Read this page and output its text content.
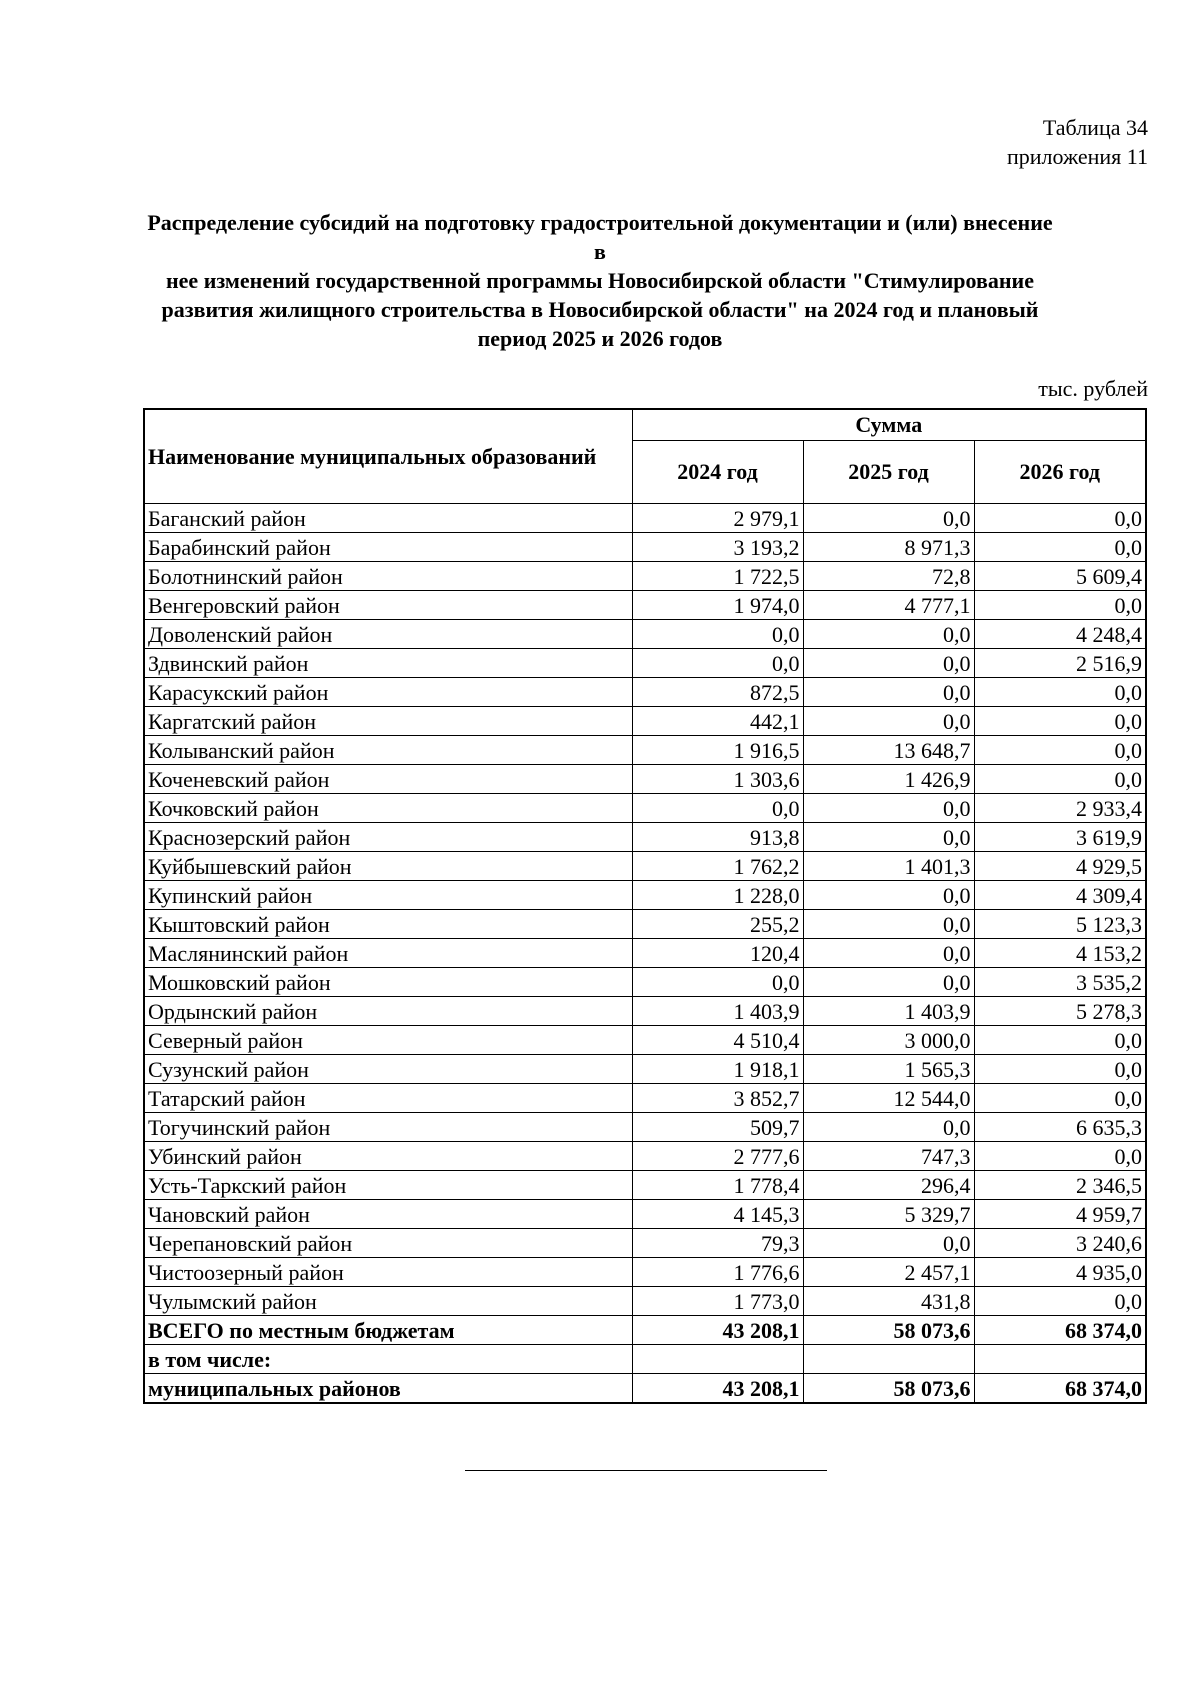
Таблица 34
приложения 11
Распределение субсидий на подготовку градостроительной документации и (или) внесение в
нее изменений государственной программы Новосибирской области "Стимулирование
развития жилищного строительства в Новосибирской области" на 2024 год и плановый
период 2025 и 2026 годов
тыс. рублей
Наименование муниципальных образований	Сумма		
	2024 год	2025 год	2026 год
Баганский район	2 979,1	0,0	0,0
Барабинский район	3 193,2	8 971,3	0,0
Болотнинский район	1 722,5	72,8	5 609,4
Венгеровский район	1 974,0	4 777,1	0,0
Доволенский район	0,0	0,0	4 248,4
Здвинский район	0,0	0,0	2 516,9
Карасукский район	872,5	0,0	0,0
Каргатский район	442,1	0,0	0,0
Колыванский район	1 916,5	13 648,7	0,0
Коченевский район	1 303,6	1 426,9	0,0
Кочковский район	0,0	0,0	2 933,4
Краснозерский район	913,8	0,0	3 619,9
Куйбышевский район	1 762,2	1 401,3	4 929,5
Купинский район	1 228,0	0,0	4 309,4
Кыштовский район	255,2	0,0	5 123,3
Маслянинский район	120,4	0,0	4 153,2
Мошковский район	0,0	0,0	3 535,2
Ордынский район	1 403,9	1 403,9	5 278,3
Северный район	4 510,4	3 000,0	0,0
Сузунский район	1 918,1	1 565,3	0,0
Татарский район	3 852,7	12 544,0	0,0
Тогучинский район	509,7	0,0	6 635,3
Убинский район	2 777,6	747,3	0,0
Усть-Таркский район	1 778,4	296,4	2 346,5
Чановский район	4 145,3	5 329,7	4 959,7
Черепановский район	79,3	0,0	3 240,6
Чистоозерный район	1 776,6	2 457,1	4 935,0
Чулымский район	1 773,0	431,8	0,0
ВСЕГО по местным бюджетам	43 208,1	58 073,6	68 374,0
в том числе:			
муниципальных районов	43 208,1	58 073,6	68 374,0
